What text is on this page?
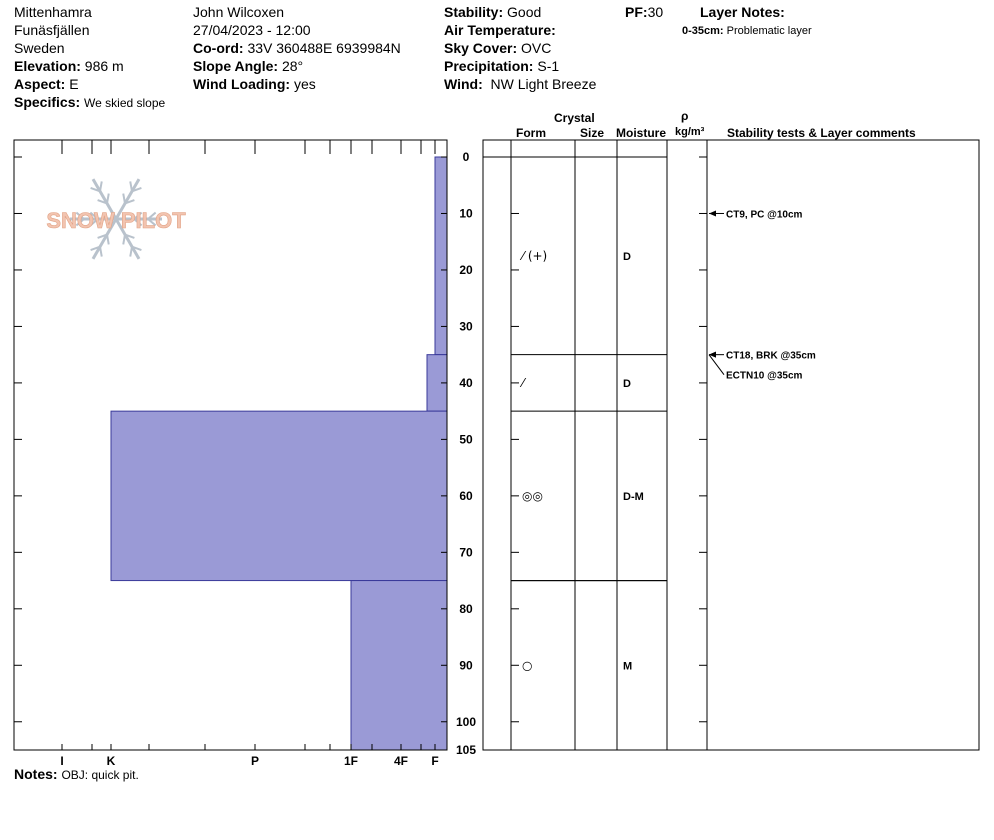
Mittenhamra
Funäsfjällen
Sweden
Elevation: 986 m
Aspect: E
Specifics: We skied slope
John Wilcoxen
27/04/2023 - 12:00
Co-ord: 33V 360488E 6939984N
Slope Angle: 28°
Wind Loading: yes
Stability: Good
Air Temperature:
Sky Cover: OVC
Precipitation: S-1
Wind: NW Light Breeze
PF:30	Layer Notes:
0-35cm: Problematic layer
Crystal
Form	Size Moisture
ρ
kg/m³ Stability tests & Layer comments
SNOW PILOT
F
4F
1F
P
K
I
0
10
20
30
40
50
60
70
80
90
100
105
⁄ (+)	D
⁄	D
◎◎	D-M
○	M
CT9, PC @10cm
CT18, BRK @35cm
ECTN10 @35cm
Notes: OBJ: quick pit.
